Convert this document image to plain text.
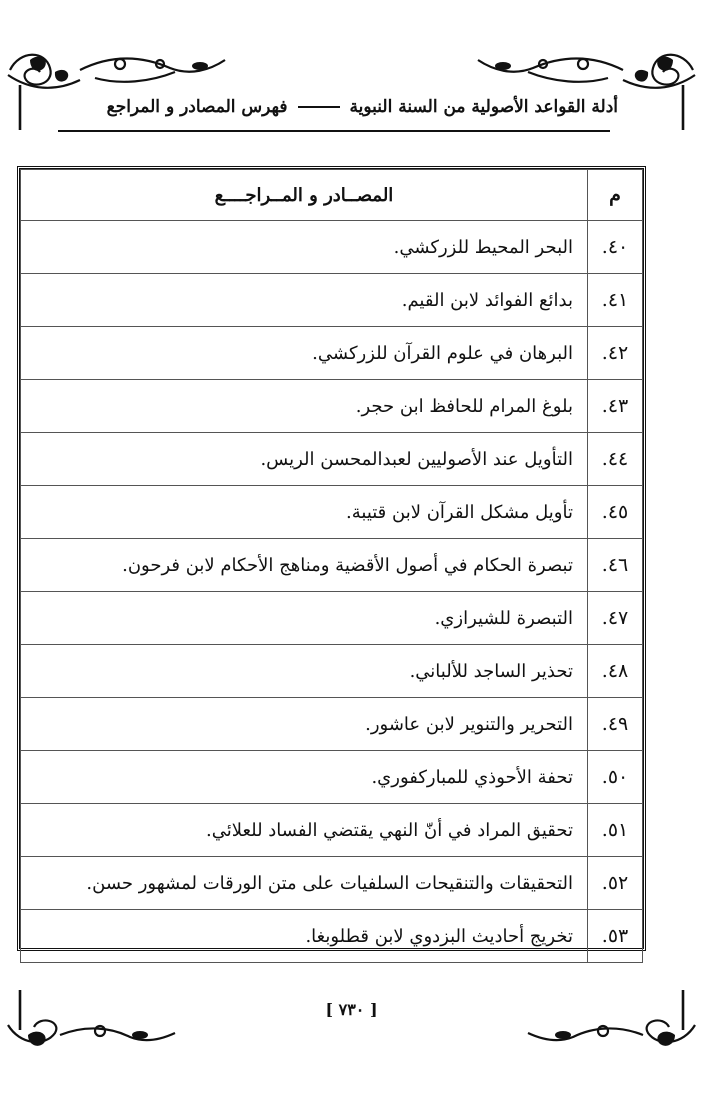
أدلة القواعد الأصولية من السنة النبوية
فهرس المصادر و المراجع
م	المصــادر و المــراجــــع
٤٠.	البحر المحيط للزركشي.
٤١.	بدائع الفوائد لابن القيم.
٤٢.	البرهان في علوم القرآن للزركشي.
٤٣.	بلوغ المرام للحافظ ابن حجر.
٤٤.	التأويل عند الأصوليين لعبدالمحسن الريس.
٤٥.	تأويل مشكل القرآن لابن قتيبة.
٤٦.	تبصرة الحكام في أصول الأقضية ومناهج الأحكام لابن فرحون.
٤٧.	التبصرة للشيرازي.
٤٨.	تحذير الساجد للألباني.
٤٩.	التحرير والتنوير لابن عاشور.
٥٠.	تحفة الأحوذي للمباركفوري.
٥١.	تحقيق المراد في أنّ النهي يقتضي الفساد للعلائي.
٥٢.	التحقيقات والتنقيحات السلفيات على متن الورقات لمشهور حسن.
٥٣.	تخريج أحاديث البزدوي لابن قطلوبغا.
[ ٧٣٠ ]
